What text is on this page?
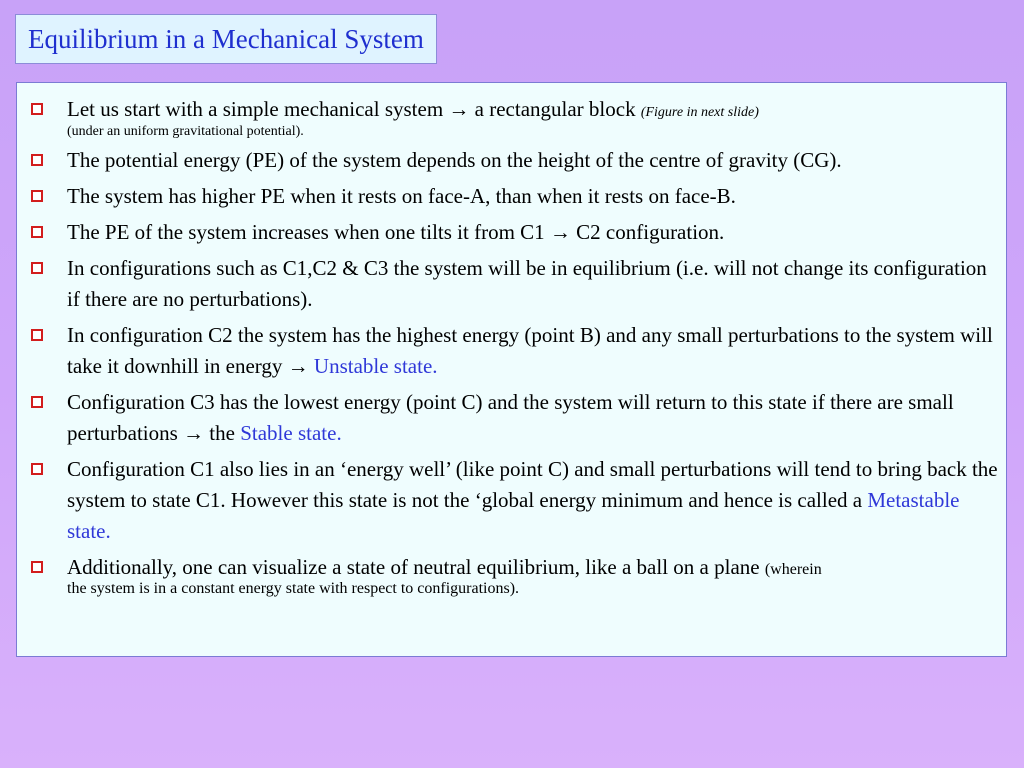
Equilibrium in a Mechanical System
Let us start with a simple mechanical system → a rectangular block (Figure in next slide)
(under an uniform gravitational potential).
The potential energy (PE) of the system depends on the height of the centre of gravity (CG).
The system has higher PE when it rests on face-A, than when it rests on face-B.
The PE of the system increases when one tilts it from C1 → C2 configuration.
In configurations such as C1,C2 & C3 the system will be in equilibrium (i.e. will not change its configuration if there are no perturbations).
In configuration C2 the system has the highest energy (point B) and any small perturbations to the system will take it downhill in energy → Unstable state.
Configuration C3 has the lowest energy (point C) and the system will return to this state if there are small perturbations → the Stable state.
Configuration C1 also lies in an ‘energy well’ (like point C) and small perturbations will tend to bring back the system to state C1. However this state is not the ‘global energy minimum and hence is called a Metastable state.
Additionally, one can visualize a state of neutral equilibrium, like a ball on a plane (wherein
the system is in a constant energy state with respect to configurations).
